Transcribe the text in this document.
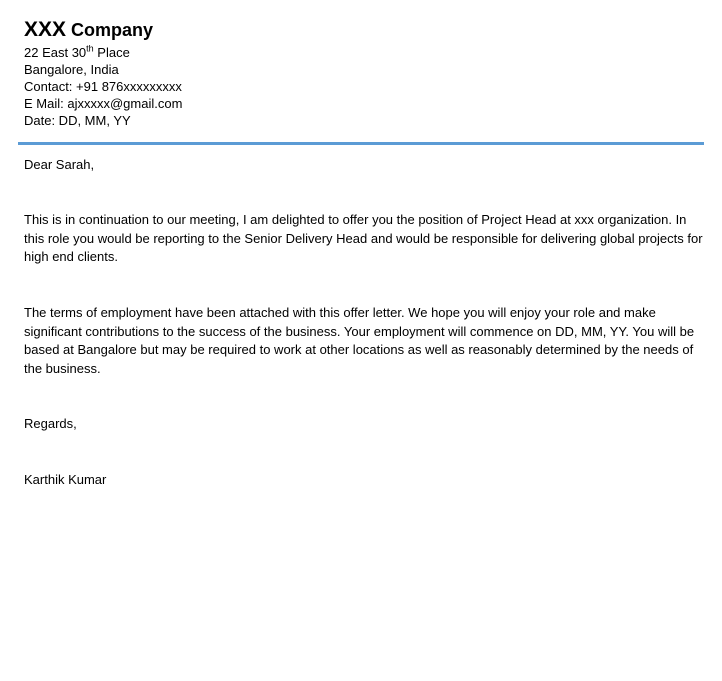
XXX Company
22 East 30th Place
Bangalore, India
Contact: +91 876xxxxxxxxx
E Mail: ajxxxxx@gmail.com
Date: DD, MM, YY

Dear Sarah,

This is in continuation to our meeting, I am delighted to offer you the position of Project Head at xxx organization. In this role you would be reporting to the Senior Delivery Head and would be responsible for delivering global projects for high end clients.

The terms of employment have been attached with this offer letter. We hope you will enjoy your role and make significant contributions to the success of the business. Your employment will commence on DD, MM, YY. You will be based at Bangalore but may be required to work at other locations as well as reasonably determined by the needs of the business.

Regards,

Karthik Kumar
